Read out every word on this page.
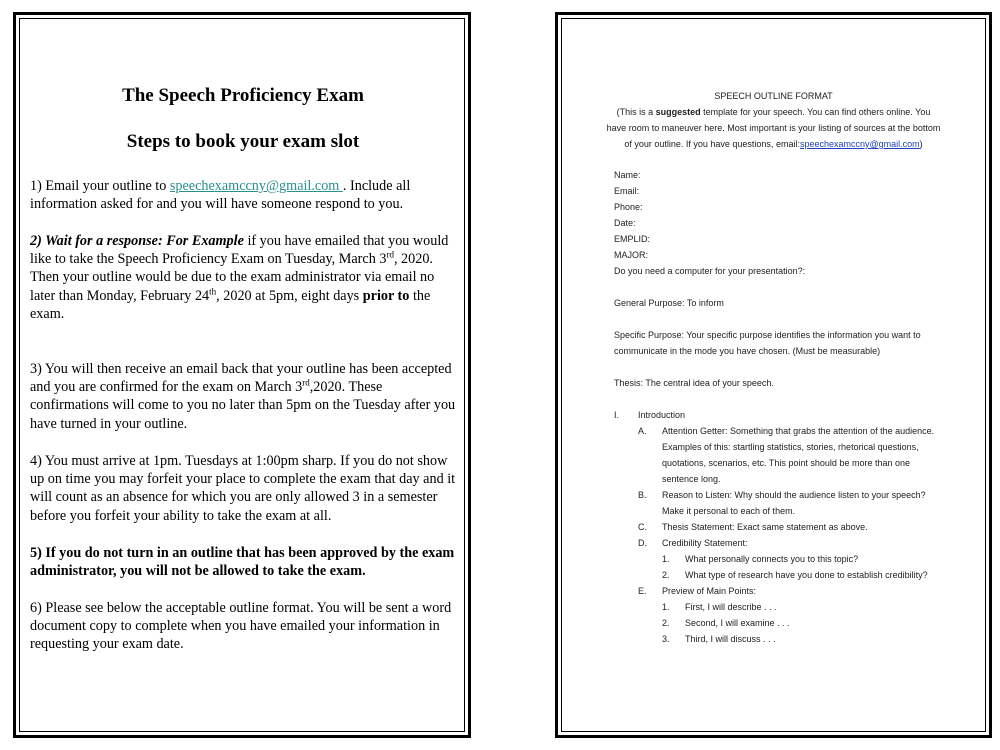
The Speech Proficiency Exam
Steps to book your exam slot
1) Email your outline to speechexamccny@gmail.com . Include all information asked for and you will have someone respond to you.
2) Wait for a response: For Example if you have emailed that you would like to take the Speech Proficiency Exam on Tuesday, March 3rd, 2020. Then your outline would be due to the exam administrator via email no later than Monday, February 24th, 2020 at 5pm, eight days prior to the exam.
3) You will then receive an email back that your outline has been accepted and you are confirmed for the exam on March 3rd,2020. These confirmations will come to you no later than 5pm on the Tuesday after you have turned in your outline.
4) You must arrive at 1pm. Tuesdays at 1:00pm sharp. If you do not show up on time you may forfeit your place to complete the exam that day and it will count as an absence for which you are only allowed 3 in a semester before you forfeit your ability to take the exam at all.
5) If you do not turn in an outline that has been approved by the exam administrator, you will not be allowed to take the exam.
6) Please see below the acceptable outline format. You will be sent a word document copy to complete when you have emailed your information in requesting your exam date.
SPEECH OUTLINE FORMAT
(This is a suggested template for your speech. You can find others online. You have room to maneuver here. Most important is your listing of sources at the bottom of your outline. If you have questions, email:speechexamccny@gmail.com)
Name:
Email:
Phone:
Date:
EMPLID:
MAJOR:
Do you need a computer for your presentation?:
General Purpose: To inform
Specific Purpose: Your specific purpose identifies the information you want to
communicate in the mode you have chosen. (Must be measurable)
Thesis: The central idea of your speech.
I. Introduction
A. Attention Getter: Something that grabs the attention of the audience.
Examples of this: startling statistics, stories, rhetorical questions,
quotations, scenarios, etc. This point should be more than one
sentence long.
B. Reason to Listen: Why should the audience listen to your speech?
Make it personal to each of them.
C. Thesis Statement: Exact same statement as above.
D. Credibility Statement:
1. What personally connects you to this topic?
2. What type of research have you done to establish credibility?
E. Preview of Main Points:
1. First, I will describe . . .
2. Second, I will examine . . .
3. Third, I will discuss . . .
